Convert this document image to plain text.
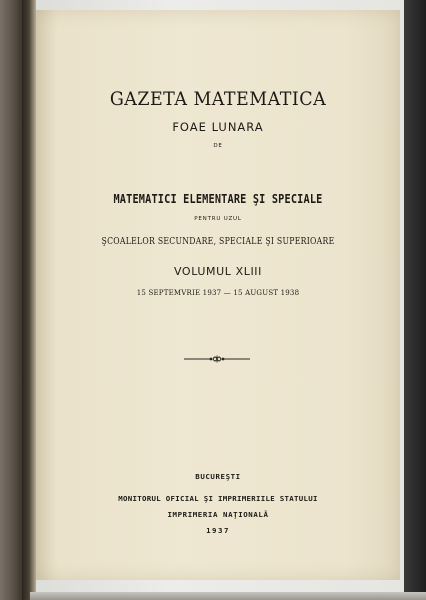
GAZETA MATEMATICA
FOAE LUNARA
DE
MATEMATICI ELEMENTARE ŞI SPECIALE
PENTRU UZUL
ŞCOALELOR SECUNDARE, SPECIALE ŞI SUPERIOARE
VOLUMUL XLIII
15 SEPTEMVRIE 1937 — 15 AUGUST 1938
BUCUREŞTI
MONITORUL OFICIAL ŞI IMPRIMERIILE STATULUI
IMPRIMERIA NAŢIONALĂ
1937
